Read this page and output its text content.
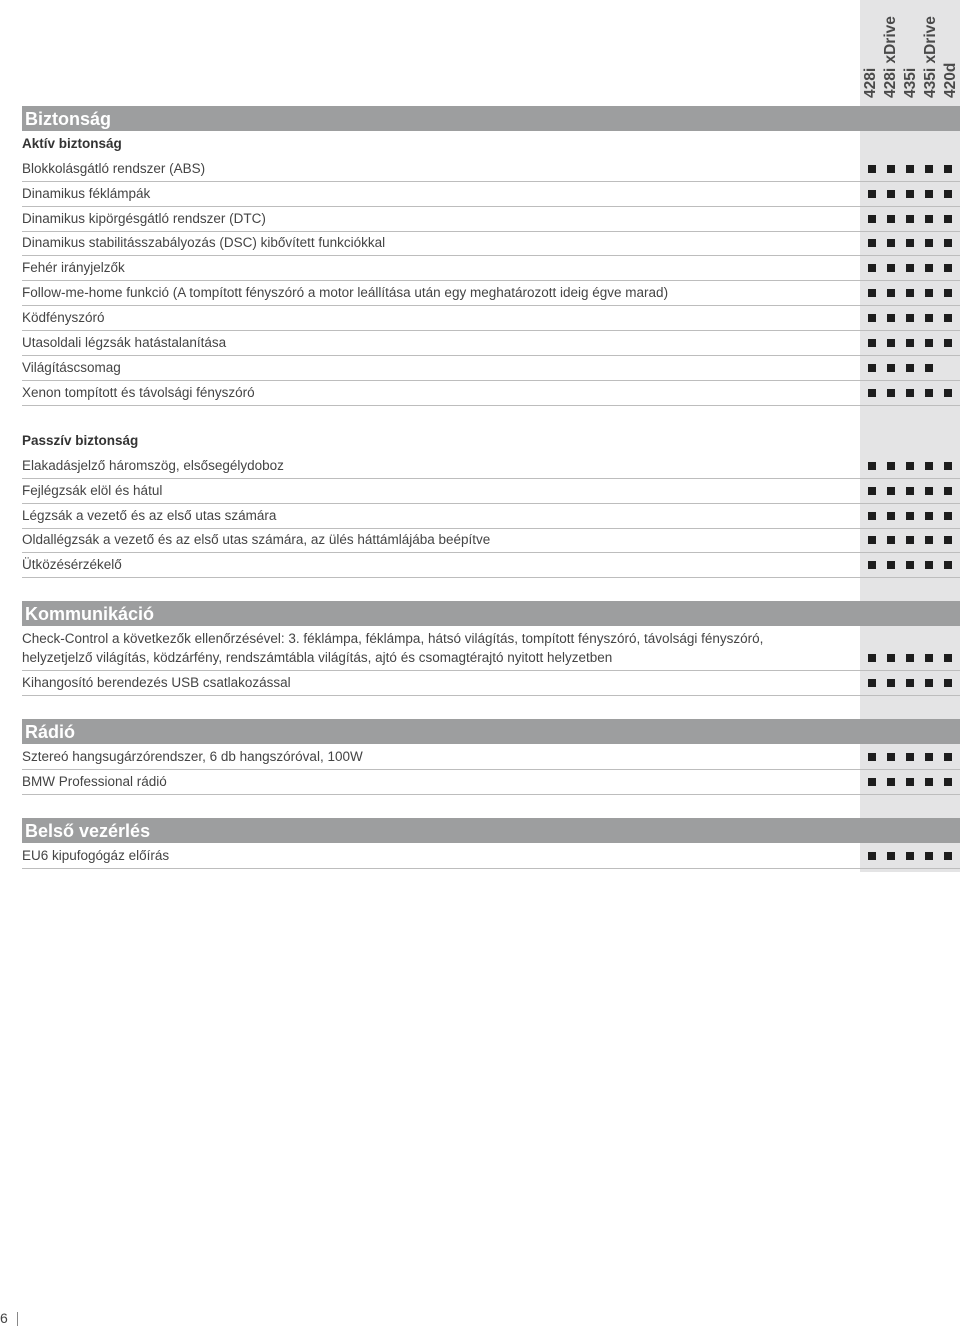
428i 428i xDrive 435i 435i xDrive 420d
Biztonság
Aktív biztonság
Blokkolásgátló rendszer (ABS)
Dinamikus féklámpák
Dinamikus kipörgésgátló rendszer (DTC)
Dinamikus stabilitásszabályozás (DSC) kibővített funkciókkal
Fehér irányjelzők
Follow-me-home funkció (A tompított fényszóró a motor leállítása után egy meghatározott ideig égve marad)
Ködfényszóró
Utasoldali légzsák hatástalanítása
Világításcsomag
Xenon tompított és távolsági fényszóró
Passzív biztonság
Elakadásjelző háromszög, elsősegélydoboz
Fejlégzsák elöl és hátul
Légzsák a vezető és az első utas számára
Oldallégzsák a vezető és az első utas számára, az ülés háttámlájába beépítve
Ütközésérzékelő
Kommunikáció
Check-Control a következők ellenőrzésével: 3. féklámpa, féklámpa, hátsó világítás, tompított fényszóró, távolsági fényszóró,
helyzetjelző világítás, ködzárfény, rendszámtábla világítás, ajtó és csomagtérajtó nyitott helyzetben
Kihangosító berendezés USB csatlakozással
Rádió
Sztereó hangsugárzórendszer, 6 db hangszóróval, 100W
BMW Professional rádió
Belső vezérlés
EU6 kipufogógáz előírás
6
